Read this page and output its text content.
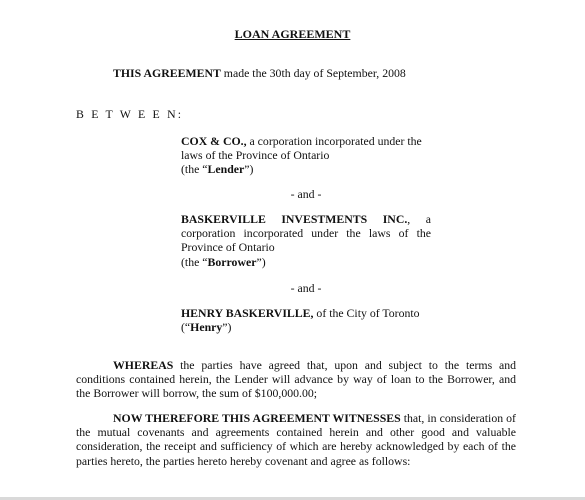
LOAN AGREEMENT
THIS AGREEMENT made the 30th day of September, 2008
B E T W E E N:
COX & CO., a corporation incorporated under the
laws of the Province of Ontario
(the “Lender”)
- and -
BASKERVILLE INVESTMENTS INC., a
corporation incorporated under the laws of the
Province of Ontario
(the “Borrower”)
- and -
HENRY BASKERVILLE, of the City of Toronto
(“Henry”)
WHEREAS the parties have agreed that, upon and subject to the terms and conditions contained herein, the Lender will advance by way of loan to the Borrower, and the Borrower will borrow, the sum of $100,000.00;
NOW THEREFORE THIS AGREEMENT WITNESSES that, in consideration of the mutual covenants and agreements contained herein and other good and valuable consideration, the receipt and sufficiency of which are hereby acknowledged by each of the parties hereto, the parties hereto hereby covenant and agree as follows:
